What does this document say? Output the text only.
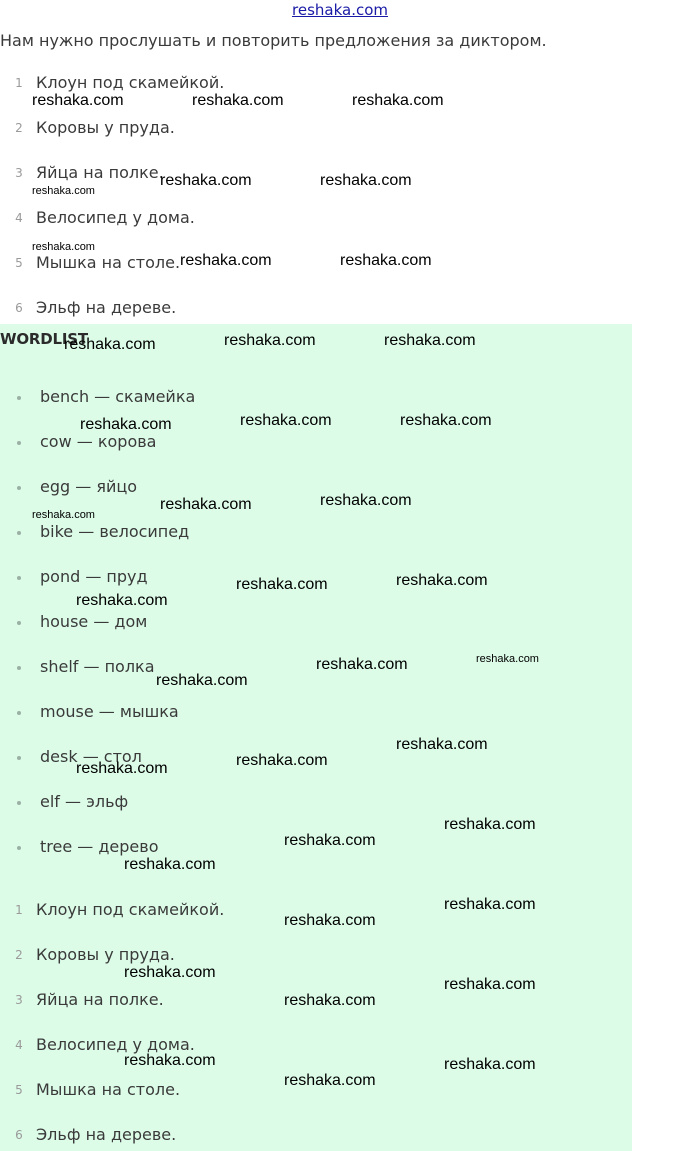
reshaka.com
Нам нужно прослушать и повторить предложения за диктором.
1 Клоун под скамейкой.
2 Коровы у пруда.
3 Яйца на полке.
4 Велосипед у дома.
5 Мышка на столе.
6 Эльф на дереве.
WORDLIST
bench — скамейка
cow — корова
egg — яйцо
bike — велосипед
pond — пруд
house — дом
shelf — полка
mouse — мышка
desk — стол
elf — эльф
tree — дерево
1 Клоун под скамейкой.
2 Коровы у пруда.
3 Яйца на полке.
4 Велосипед у дома.
5 Мышка на столе.
6 Эльф на дереве.
reshaka.com	reshaka.com	reshaka.com
reshaka.com	reshaka.com
reshaka.com
reshaka.com
reshaka.com	reshaka.com
reshaka.com	reshaka.com	reshaka.com
reshaka.com	reshaka.com	reshaka.com
reshaka.com	reshaka.com
reshaka.com
reshaka.com	reshaka.com
reshaka.com
reshaka.com	reshaka.com
reshaka.com
reshaka.com
reshaka.com
reshaka.com
reshaka.com
reshaka.com
reshaka.com
reshaka.com
reshaka.com
reshaka.com
reshaka.com
reshaka.com
reshaka.com	reshaka.com
reshaka.com
